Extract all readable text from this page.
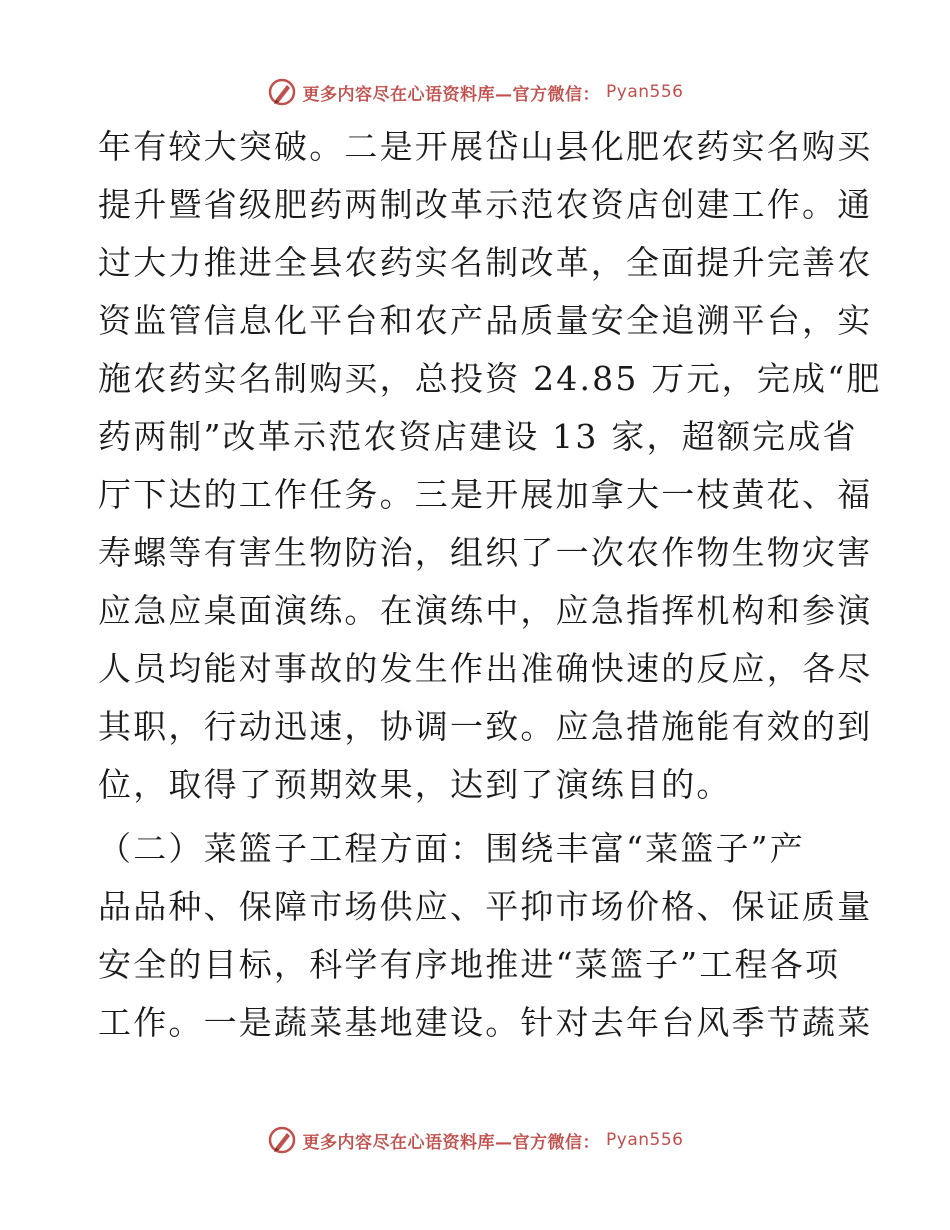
更多内容尽在心语资料库—官方微信： Pyan556
年有较大突破。二是开展岱山县化肥农药实名购买
提升暨省级肥药两制改革示范农资店创建工作。通
过大力推进全县农药实名制改革，全面提升完善农
资监管信息化平台和农产品质量安全追溯平台，实
施农药实名制购买，总投资 24.85 万元，完成“肥
药两制”改革示范农资店建设 13 家，超额完成省
厅下达的工作任务。三是开展加拿大一枝黄花、福
寿螺等有害生物防治，组织了一次农作物生物灾害
应急应桌面演练。在演练中，应急指挥机构和参演
人员均能对事故的发生作出准确快速的反应，各尽
其职，行动迅速，协调一致。应急措施能有效的到
位，取得了预期效果，达到了演练目的。
（二）菜篮子工程方面：围绕丰富“菜篮子”产
品品种、保障市场供应、平抑市场价格、保证质量
安全的目标，科学有序地推进“菜篮子”工程各项
工作。一是蔬菜基地建设。针对去年台风季节蔬菜
更多内容尽在心语资料库—官方微信： Pyan556
